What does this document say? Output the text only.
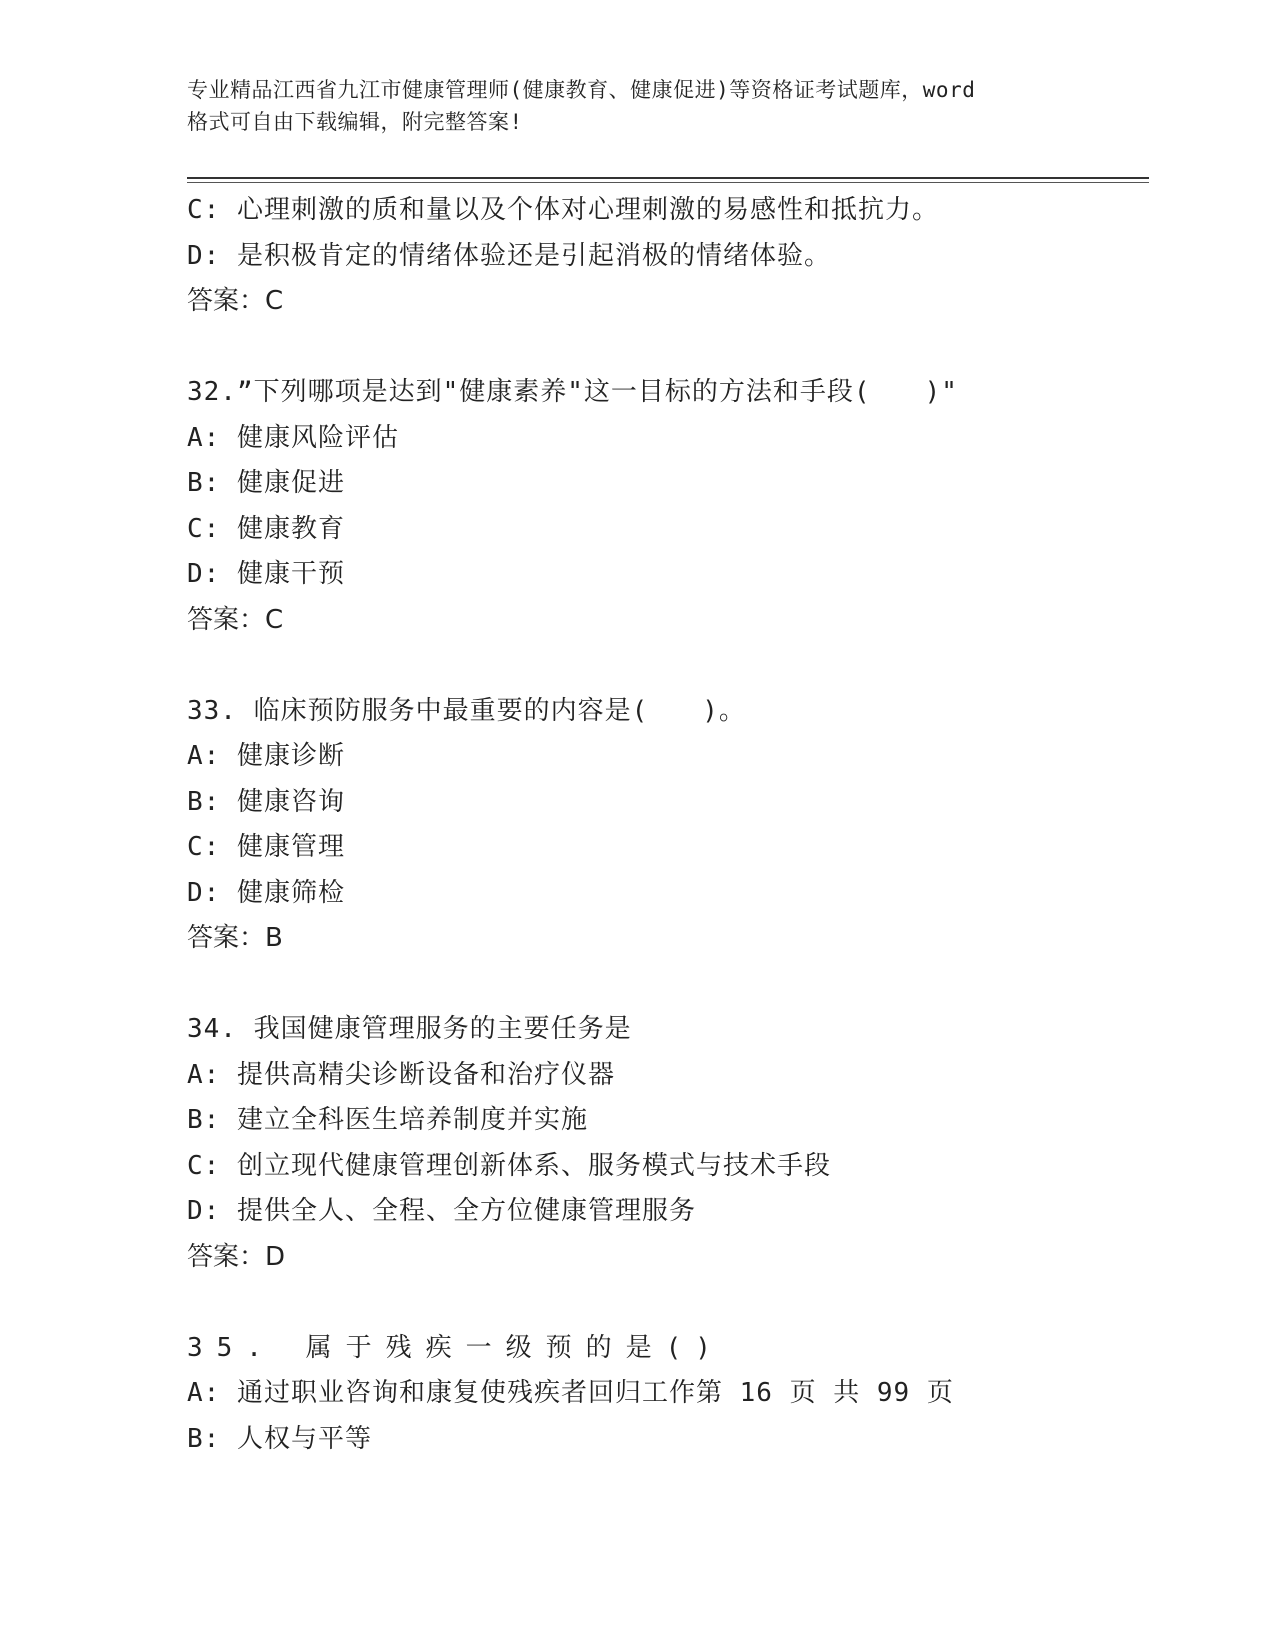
专业精品江西省九江市健康管理师(健康教育、健康促进)等资格证考试题库，word
格式可自由下载编辑，附完整答案!
C: 心理刺激的质和量以及个体对心理刺激的易感性和抵抗力。
D: 是积极肯定的情绪体验还是引起消极的情绪体验。
答案：C
32.”下列哪项是达到"健康素养"这一目标的方法和手段(　　)"
A: 健康风险评估
B: 健康促进
C: 健康教育
D: 健康干预
答案：C
33. 临床预防服务中最重要的内容是(　　)。
A: 健康诊断
B: 健康咨询
C: 健康管理
D: 健康筛检
答案：B
34. 我国健康管理服务的主要任务是
A: 提供高精尖诊断设备和治疗仪器
B: 建立全科医生培养制度并实施
C: 创立现代健康管理创新体系、服务模式与技术手段
D: 提供全人、全程、全方位健康管理服务
答案：D
35. 属于残疾一级预的是()
A: 通过职业咨询和康复使残疾者回归工作第 16 页 共 99 页
B: 人权与平等
